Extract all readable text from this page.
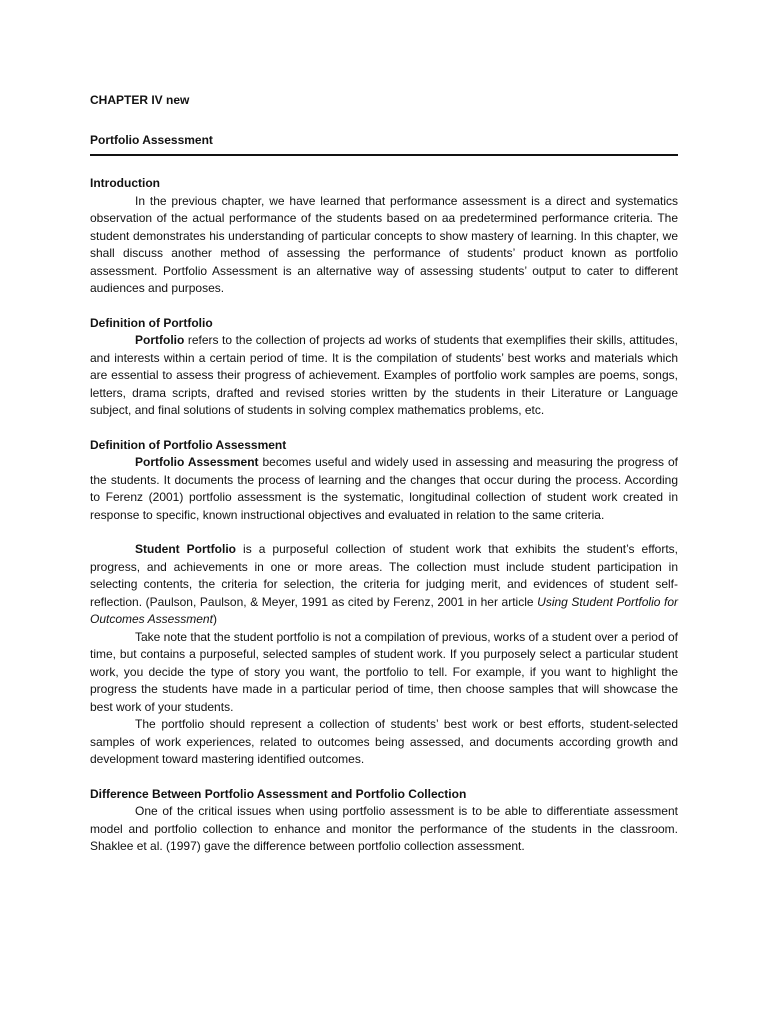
CHAPTER IV new

Portfolio Assessment

Introduction

In the previous chapter, we have learned that performance assessment is a direct and systematics observation of the actual performance of the students based on aa predetermined performance criteria. The student demonstrates his understanding of particular concepts to show mastery of learning. In this chapter, we shall discuss another method of assessing the performance of students’ product known as portfolio assessment. Portfolio Assessment is an alternative way of assessing students’ output to cater to different audiences and purposes.

Definition of Portfolio

Portfolio refers to the collection of projects ad works of students that exemplifies their skills, attitudes, and interests within a certain period of time. It is the compilation of students’ best works and materials which are essential to assess their progress of achievement. Examples of portfolio work samples are poems, songs, letters, drama scripts, drafted and revised stories written by the students in their Literature or Language subject, and final solutions of students in solving complex mathematics problems, etc.

Definition of Portfolio Assessment

Portfolio Assessment becomes useful and widely used in assessing and measuring the progress of the students. It documents the process of learning and the changes that occur during the process. According to Ferenz (2001) portfolio assessment is the systematic, longitudinal collection of student work created in response to specific, known instructional objectives and evaluated in relation to the same criteria.

Student Portfolio is a purposeful collection of student work that exhibits the student’s efforts, progress, and achievements in one or more areas. The collection must include student participation in selecting contents, the criteria for selection, the criteria for judging merit, and evidences of student self-reflection. (Paulson, Paulson, & Meyer, 1991 as cited by Ferenz, 2001 in her article Using Student Portfolio for Outcomes Assessment)

Take note that the student portfolio is not a compilation of previous, works of a student over a period of time, but contains a purposeful, selected samples of student work. If you purposely select a particular student work, you decide the type of story you want, the portfolio to tell. For example, if you want to highlight the progress the students have made in a particular period of time, then choose samples that will showcase the best work of your students.

The portfolio should represent a collection of students’ best work or best efforts, student-selected samples of work experiences, related to outcomes being assessed, and documents according growth and development toward mastering identified outcomes.

Difference Between Portfolio Assessment and Portfolio Collection

One of the critical issues when using portfolio assessment is to be able to differentiate assessment model and portfolio collection to enhance and monitor the performance of the students in the classroom. Shaklee et al. (1997) gave the difference between portfolio collection assessment.
